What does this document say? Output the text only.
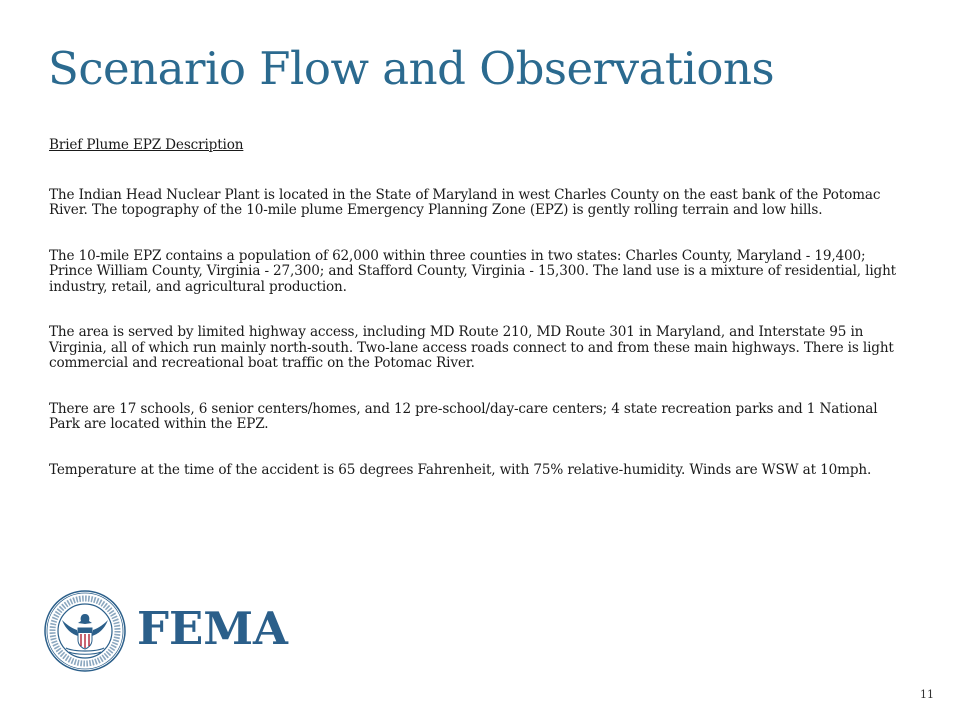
Scenario Flow and Observations

Brief Plume EPZ Description

The Indian Head Nuclear Plant is located in the State of Maryland in west Charles County on the east bank of the Potomac River. The topography of the 10-mile plume Emergency Planning Zone (EPZ) is gently rolling terrain and low hills.

The 10-mile EPZ contains a population of 62,000 within three counties in two states: Charles County, Maryland - 19,400; Prince William County, Virginia - 27,300; and Stafford County, Virginia - 15,300. The land use is a mixture of residential, light industry, retail, and agricultural production.

The area is served by limited highway access, including MD Route 210, MD Route 301 in Maryland, and Interstate 95 in Virginia, all of which run mainly north-south. Two-lane access roads connect to and from these main highways. There is light commercial and recreational boat traffic on the Potomac River.

There are 17 schools, 6 senior centers/homes, and 12 pre-school/day-care centers; 4 state recreation parks and 1 National Park are located within the EPZ.

Temperature at the time of the accident is 65 degrees Fahrenheit, with 75% relative-humidity. Winds are WSW at 10mph.

FEMA
11
